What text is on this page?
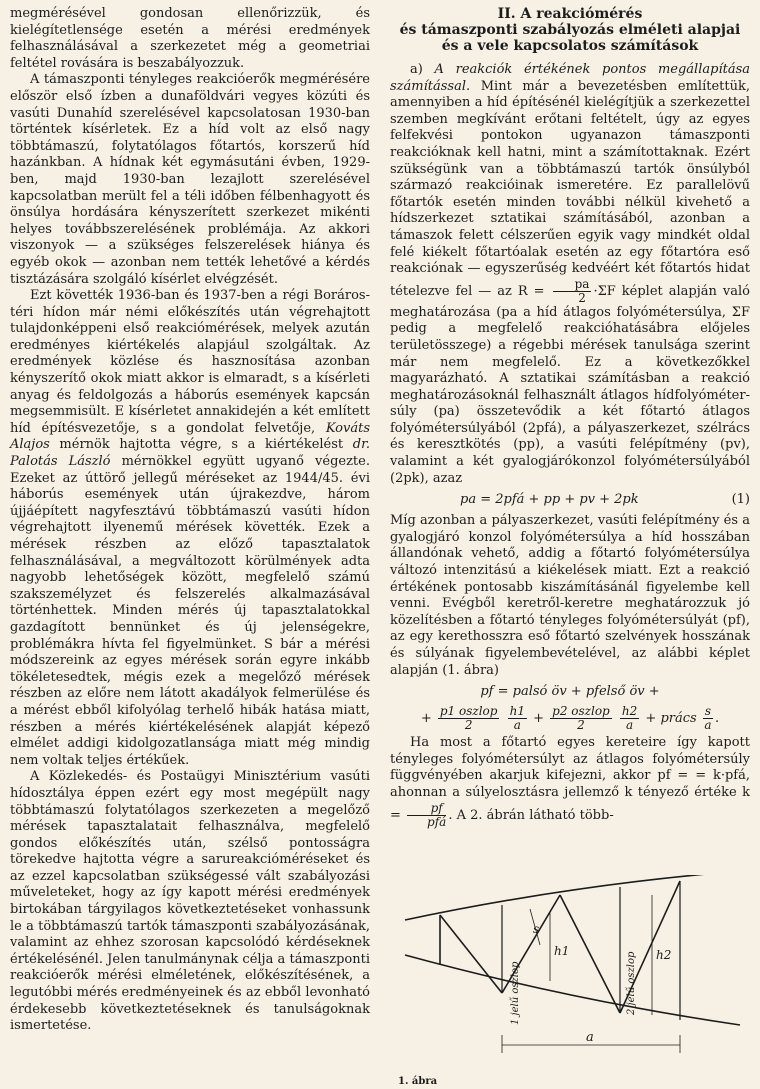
megmérésével gondosan ellenőrizzük, és kielégítetlensége esetén a mérési eredmények felhasználásával a szerkezetet még a geometriai feltétel rovására is beszabályozzuk.

A támaszponti tényleges reakcióerők megmérésére először első ízben a dunaföldvári vegyes közúti és vasúti Dunahíd szerelésével kapcsolatosan 1930-ban történtek kísérletek. Ez a híd volt az első nagy többtámaszú, folytatólagos főtartós, korszerű híd hazánkban. A hídnak két egymásutáni évben, 1929-ben, majd 1930-ban lezajlott szerelésével kapcsolatban merült fel a téli időben félbenhagyott és önsúlya hordására kényszerített szerkezet mikénti helyes továbbszerelésének problémája. Az akkori viszonyok — a szükséges felszerelések hiánya és egyéb okok — azonban nem tették lehetővé a kérdés tisztázására szolgáló kísérlet elvégzését.

Ezt követték 1936-ban és 1937-ben a régi Boráros-téri hídon már némi előkészítés után végrehajtott tulajdonképpeni első reakciómérések, melyek azután eredményes kiértékelés alapjául szolgáltak. Az eredmények közlése és hasznosítása azonban kényszerítő okok miatt akkor is elmaradt, s a kísérleti anyag és feldolgozás a háborús események kapcsán megsemmisült. E kísérletet annakidején a két említett híd építésvezetője, s a gondolat felvetője, Kováts Alajos mérnök hajtotta végre, s a kiértékelést dr. Palotás László mérnökkel együtt ugyanő végezte. Ezeket az úttörő jellegű méréseket az 1944/45. évi háborús események után újrakezdve, három újjáépített nagyfesztávú többtámaszú vasúti hídon végrehajtott ilyenemű mérések követték. Ezek a mérések részben az előző tapasztalatok felhasználásával, a megváltozott körülmények adta nagyobb lehetőségek között, megfelelő számú szakszemélyzet és felszerelés alkalmazásával történhettek. Minden mérés új tapasztalatokkal gazdagított bennünket és új jelenségekre, problémákra hívta fel figyelmünket. S bár a mérési módszereink az egyes mérések során egyre inkább tökéletesedtek, mégis ezek a megelőző mérések részben az előre nem látott akadályok felmerülése és a mérést ebből kifolyólag terhelő hibák hatása miatt, részben a mérés kiértékelésének alapját képező elmélet addigi kidolgozatlansága miatt még mindig nem voltak teljes értékűek.

A Közlekedés- és Postaügyi Minisztérium vasúti hídosztálya éppen ezért egy most megépült nagy többtámaszú folytatólagos szerkezeten a megelőző mérések tapasztalatait felhasználva, megfelelő gondos előkészítés után, szélső pontosságra törekedve hajtotta végre a sarureakcióméréseket és az ezzel kapcsolatban szükségessé vált szabályozási műveleteket, hogy az így kapott mérési eredmények birtokában tárgyilagos következtetéseket vonhassunk le a többtámaszú tartók támaszponti szabályozásának, valamint az ehhez szorosan kapcsolódó kérdéseknek értékelésénél. Jelen tanulmánynak célja a támaszponti reakcióerők mérési elméletének, előkészítésének, a legutóbbi mérés eredményeinek és az ebből levonható érdekesebb következtetéseknek és tanulságoknak ismertetése.

II. A reakciómérés
és támaszponti szabályozás elméleti alapjai
és a vele kapcsolatos számítások

a) A reakciók értékének pontos megállapítása számítással. Mint már a bevezetésben említettük, amennyiben a híd építésénél kielégítjük a szerkezettel szemben megkívánt erőtani feltételt, úgy az egyes felfekvési pontokon ugyanazon támaszponti reakcióknak kell hatni, mint a számítottaknak. Ezért szükségünk van a többtámaszú tartók önsúlyból származó reakcióinak ismeretére. Ez parallelövű főtartók esetén minden további nélkül kivehető a hídszerkezet sztatikai számításából, azonban a támaszok felett célszerűen egyik vagy mindkét oldal felé kiékelt főtartóalak esetén az egy főtartóra eső reakciónak — egyszerűség kedvéért két főtartós hidat tételezve fel — az $R = \frac{pa}{2} \cdot\Sigma F$ képlet alapján való meghatározása (pa a híd átlagos folyómétersúlya, ΣF pedig a megfelelő reakcióhatásábra előjeles területösszege) a régebbi mérések tanulsága szerint már nem megfelelő. Ez a következőkkel magyarázható. A sztatikai számításban a reakció meghatározásoknál felhasznált átlagos hídfolyómétersúly (pa) összetevődik a két főtartó átlagos folyómétersúlyából (2pfá), a pályaszerkezet, szélrács és keresztkötés (pp), a vasúti felépítmény (pv), valamint a két gyalogjárókonzol folyómétersúlyából (2pk), azaz

pa = 2pfá + pp + pv + 2pk	(1)

Míg azonban a pályaszerkezet, vasúti felépítmény és a gyalogjáró konzol folyómétersúlya a híd hosszában állandónak vehető, addig a főtartó folyómétersúlya változó intenzitású a kiékelések miatt. Ezt a reakció értékének pontosabb kiszámításánál figyelembe kell venni. Evégből keretről-keretre meghatározzuk jó közelítésben a főtartó tényleges folyómétersúlyát (pf), az egy kerethosszra eső főtartó szelvények hosszának és súlyának figyelembevételével, az alábbi képlet alapján (1. ábra)

pf = palsó öv + pfelső öv +
+ $\frac{\text{p1 oszlop}}{2}$
$\frac{h1}{a} + \frac{\text{p2 oszlop}}{2}$
$\frac{h2}{a}$ + prács $\frac{s}{a}$ .

Ha most a főtartó egyes kereteire így kapott tényleges folyómétersúlyt az átlagos folyómétersúly függvényében akarjuk kifejezni, akkor pf = = k·pfá, ahonnan a súlyelosztásra jellemző k tényező értéke $k = \frac{pf}{\text{pfá}}$ . A 2. ábrán látható több-

s
h1	h2
a
1 jelű oszlop	2 jelű oszlop
1. ábra
